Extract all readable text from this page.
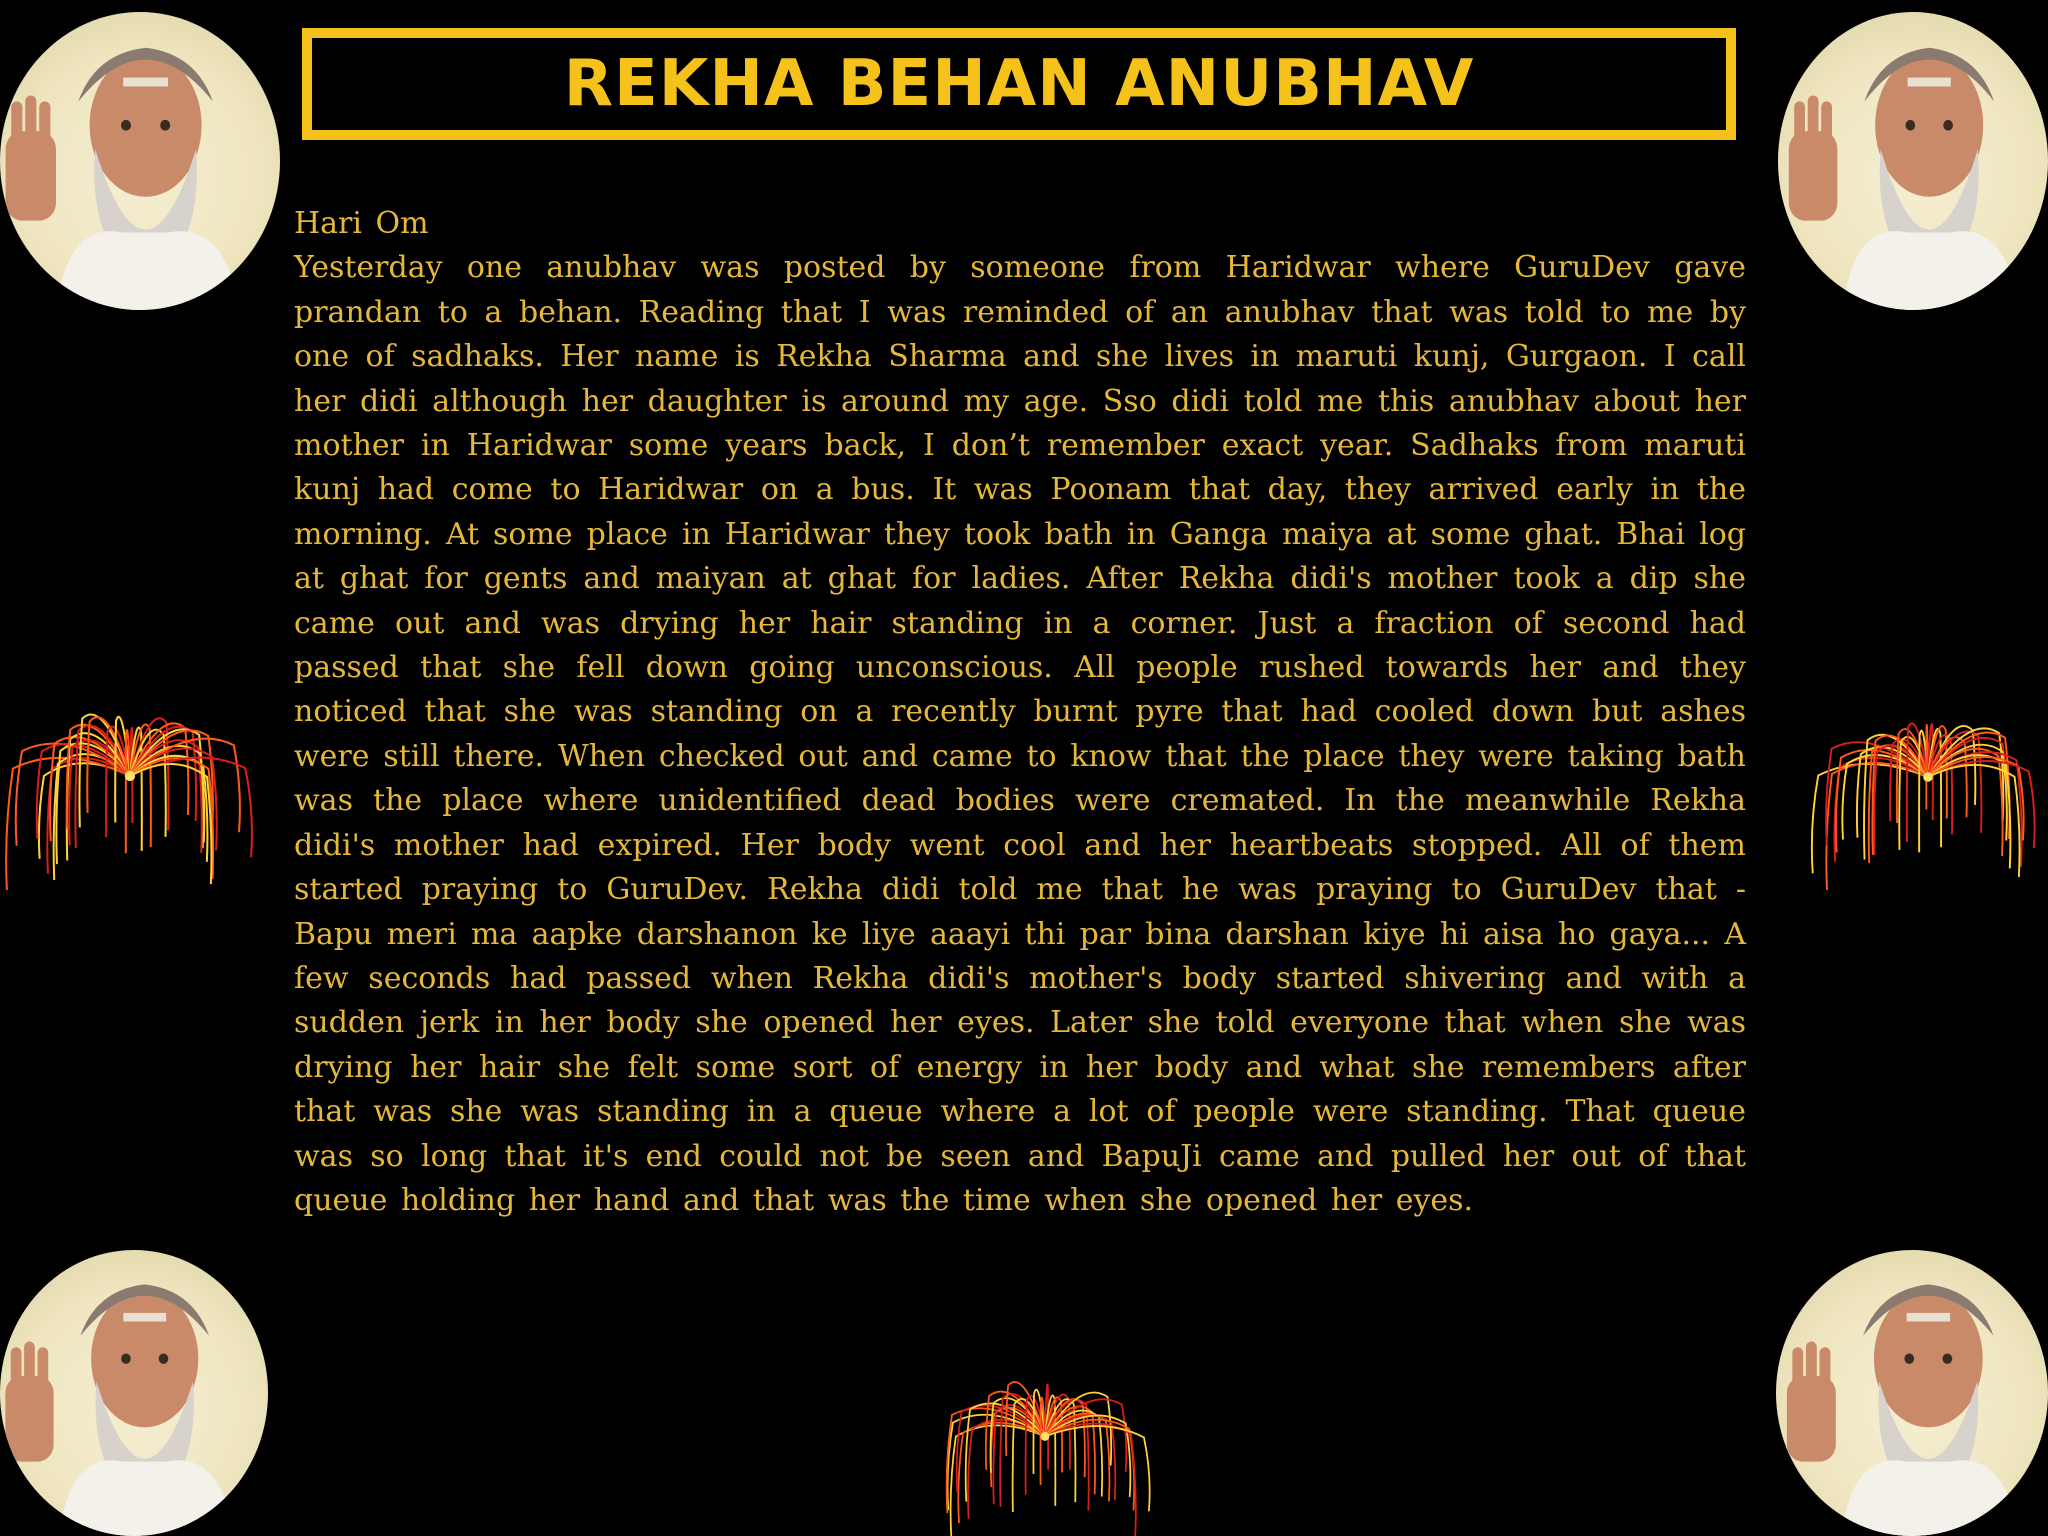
REKHA BEHAN ANUBHAV
Hari Om
Yesterday one anubhav was posted by someone from Haridwar where GuruDev gave prandan to a behan. Reading that I was reminded of an anubhav that was told to me by one of sadhaks. Her name is Rekha Sharma and she lives in maruti kunj, Gurgaon. I call her didi although her daughter is around my age. Sso didi told me this anubhav about her mother in Haridwar some years back, I don’t remember exact year. Sadhaks from maruti kunj had come to Haridwar on a bus. It was Poonam that day, they arrived early in the morning. At some place in Haridwar they took bath in Ganga maiya at some ghat. Bhai log at ghat for gents and maiyan at ghat for ladies. After Rekha didi's mother took a dip she came out and was drying her hair standing in a corner. Just a fraction of second had passed that she fell down going unconscious. All people rushed towards her and they noticed that she was standing on a recently burnt pyre that had cooled down but ashes were still there. When checked out and came to know that the place they were taking bath was the place where unidentified dead bodies were cremated. In the meanwhile Rekha didi's mother had expired. Her body went cool and her heartbeats stopped. All of them started praying to GuruDev. Rekha didi told me that he was praying to GuruDev that - Bapu meri ma aapke darshanon ke liye aaayi thi par bina darshan kiye hi aisa ho gaya... A few seconds had passed when Rekha didi's mother's body started shivering and with a sudden jerk in her body she opened her eyes. Later she told everyone that when she was drying her hair she felt some sort of energy in her body and what she remembers after that was she was standing in a queue where a lot of people were standing. That queue was so long that it's end could not be seen and BapuJi came and pulled her out of that queue holding her hand and that was the time when she opened her eyes.
